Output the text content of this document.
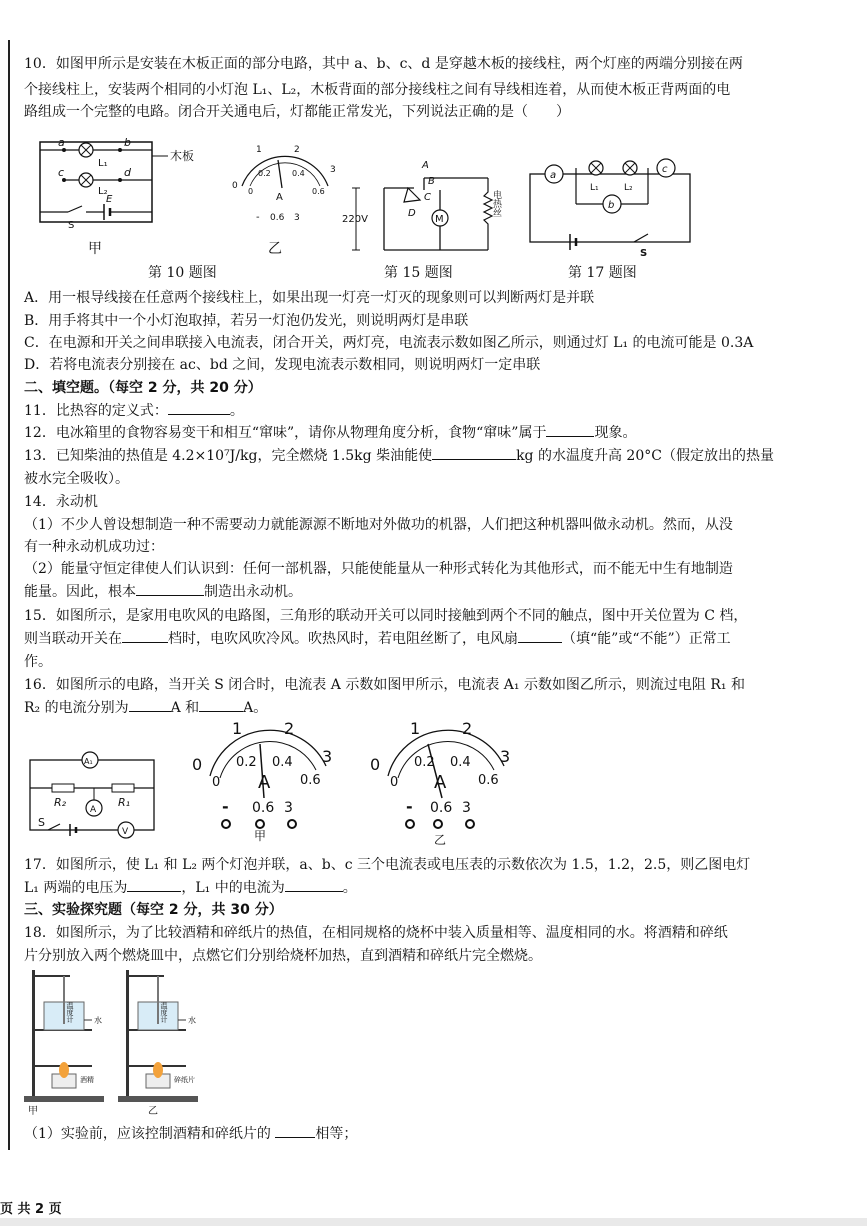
10．如图甲所示是安装在木板正面的部分电路，其中 a、b、c、d 是穿越木板的接线柱，两个灯座的两端分别接在两
个接线柱上，安装两个相同的小灯泡 L₁、L₂，木板背面的部分接线柱之间有导线相连着，从而使木板正背两面的电
路组成一个完整的电路。闭合开关通电后，灯都能正常发光，下列说法正确的是（　　）
a	b
c	d
L₁
L₂
S
E
木板
甲
0
1	2
3
0
0.2	0.4
0.6
A
- 0.6 3
乙
220V	M
A
B
C
D	电热丝
a
c
b
L₁	L₂
S
第 10 题图	第 15 题图	第 17 题图
A．用一根导线接在任意两个接线柱上，如果出现一灯亮一灯灭的现象则可以判断两灯是并联
B．用手将其中一个小灯泡取掉，若另一灯泡仍发光，则说明两灯是串联
C．在电源和开关之间串联接入电流表，闭合开关，两灯亮，电流表示数如图乙所示，则通过灯 L₁ 的电流可能是 0.3A
D．若将电流表分别接在 ac、bd 之间，发现电流表示数相同，则说明两灯一定串联
二、填空题。（每空 2 分，共 20 分）
11．比热容的定义式：	。
12．电冰箱里的食物容易变干和相互“窜味”，请你从物理角度分析，食物“窜味”属于	现象。
13．已知柴油的热值是 4.2×10⁷J/kg，完全燃烧 1.5kg 柴油能使	kg 的水温度升高 20°C（假定放出的热量
被水完全吸收）。
14．永动机
（1）不少人曾设想制造一种不需要动力就能源源不断地对外做功的机器，人们把这种机器叫做永动机。然而，从没
有一种永动机成功过：
（2）能量守恒定律使人们认识到：任何一部机器，只能使能量从一种形式转化为其他形式，而不能无中生有地制造
能量。因此，根本	制造出永动机。
15．如图所示，是家用电吹风的电路图，三角形的联动开关可以同时接触到两个不同的触点，图中开关位置为 C 档，
则当联动开关在	档时，电吹风吹冷风。吹热风时，若电阻丝断了，电风扇	（填“能”或“不能”）正常工
作。
16．如图所示的电路，当开关 S 闭合时，电流表 A 示数如图甲所示，电流表 A₁ 示数如图乙所示，则流过电阻 R₁ 和
R₂ 的电流分别为	A 和	A。
A₁
R₂	R₁
A
V
S
0
1	2
3
0
0.2 0.4
0.6
A
- 0.6 3
甲
0
1	2
3
0
0.2 0.4
0.6
A
- 0.6 3
乙
17．如图所示，使 L₁ 和 L₂ 两个灯泡并联，a、b、c 三个电流表或电压表的示数依次为 1.5，1.2，2.5，则乙图电灯
L₁ 两端的电压为	，L₁ 中的电流为	。
三、实验探究题（每空 2 分，共 30 分）
18．如图所示，为了比较酒精和碎纸片的热值，在相同规格的烧杯中装入质量相等、温度相同的水。将酒精和碎纸
片分别放入两个燃烧皿中，点燃它们分别给烧杯加热，直到酒精和碎纸片完全燃烧。
温度计	水
酒精
甲
温度计	水
碎纸片
乙
（1）实验前，应该控制酒精和碎纸片的	相等；
页 共 2 页
